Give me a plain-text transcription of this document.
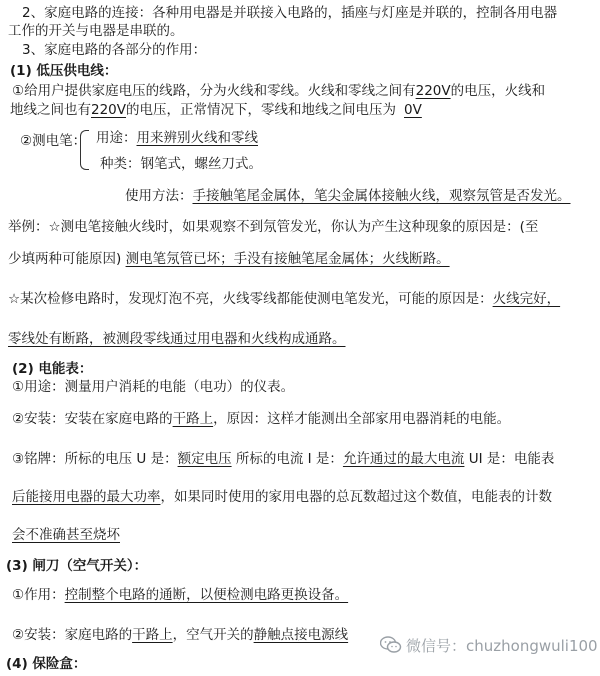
2、家庭电路的连接：各种用电器是并联接入电路的，插座与灯座是并联的，控制各用电器
工作的开关与电器是串联的。
3、家庭电路的各部分的作用：
(1) 低压供电线：
①给用户提供家庭电压的线路，分为火线和零线。火线和零线之间有220V的电压，火线和
地线之间也有220V的电压，正常情况下，零线和地线之间电压为 0V
②测电笔： 用途：用来辨别火线和零线
种类：钢笔式，螺丝刀式。
使用方法：手接触笔尾金属体，笔尖金属体接触火线，观察氖管是否发光。
举例：☆测电笔接触火线时，如果观察不到氖管发光，你认为产生这种现象的原因是：(至
少填两种可能原因) 测电笔氖管已坏；手没有接触笔尾金属体；火线断路。
☆某次检修电路时，发现灯泡不亮，火线零线都能使测电笔发光，可能的原因是：火线完好，
零线处有断路，被测段零线通过用电器和火线构成通路。
(2) 电能表：
①用途：测量用户消耗的电能（电功）的仪表。
②安装：安装在家庭电路的干路上，原因：这样才能测出全部家用电器消耗的电能。
③铭牌：所标的电压 U 是：额定电压 所标的电流 I 是：允许通过的最大电流 UI 是：电能表
后能接用电器的最大功率，如果同时使用的家用电器的总瓦数超过这个数值，电能表的计数
会不准确甚至烧坏
(3) 闸刀（空气开关）：
①作用：控制整个电路的通断，以便检测电路更换设备。
②安装：家庭电路的干路上，空气开关的静触点接电源线
(4) 保险盒：
微信号：chuzhongwuli100
